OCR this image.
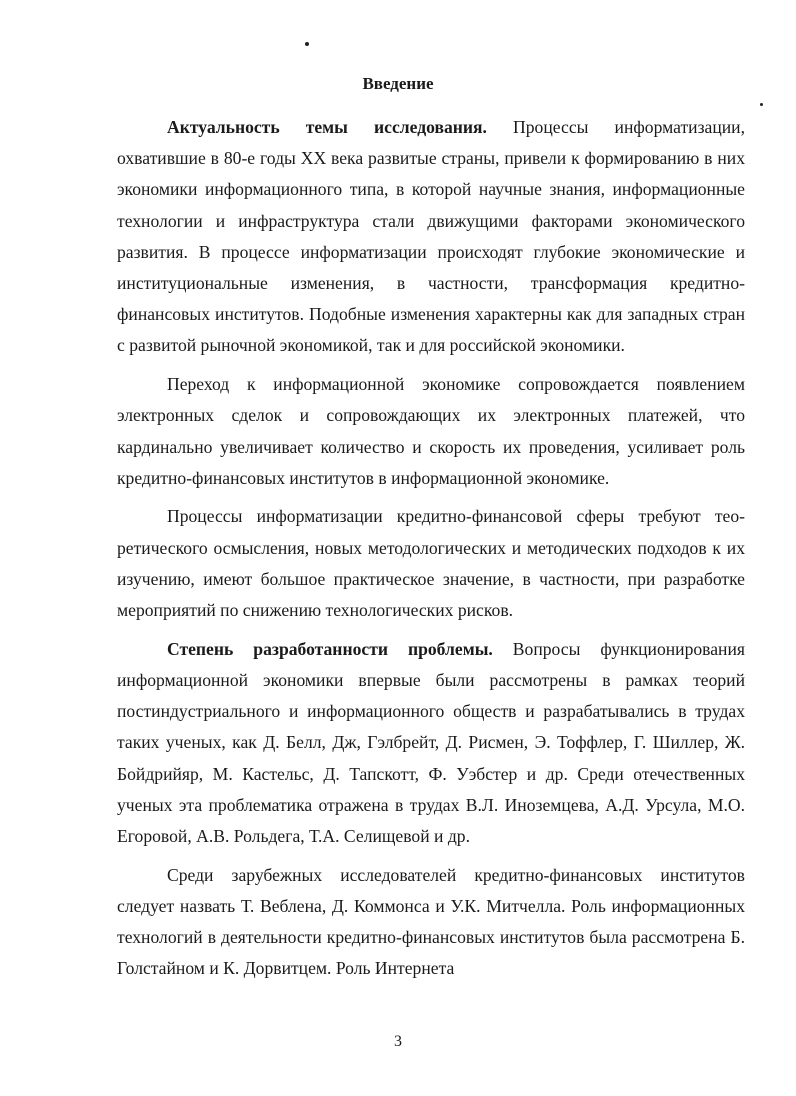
Введение

Актуальность темы исследования. Процессы информатизации, охватившие в 80-е годы XX века развитые страны, привели к формированию в них экономики информационного типа, в которой научные знания, информационные технологии и инфраструктура стали движущими факторами экономического развития. В процессе информатизации происходят глубокие экономические и институциональные изменения, в частности, трансформация кредитно-финансовых институтов. Подобные изменения характерны как для западных стран с развитой рыночной экономикой, так и для российской экономики.

Переход к информационной экономике сопровождается появлением электронных сделок и сопровождающих их электронных платежей, что кардинально увеличивает количество и скорость их проведения, усиливает роль кредитно-финансовых институтов в информационной экономике.

Процессы информатизации кредитно-финансовой сферы требуют теоретического осмысления, новых методологических и методических подходов к их изучению, имеют большое практическое значение, в частности, при разработке мероприятий по снижению технологических рисков.

Степень разработанности проблемы. Вопросы функционирования информационной экономики впервые были рассмотрены в рамках теорий постиндустриального и информационного обществ и разрабатывались в трудах таких ученых, как Д. Белл, Дж, Гэлбрейт, Д. Рисмен, Э. Тоффлер, Г. Шиллер, Ж. Бойдрийяр, М. Кастельс, Д. Тапскотт, Ф. Уэбстер и др. Среди отечественных ученых эта проблематика отражена в трудах В.Л. Иноземцева, А.Д. Урсула, М.О. Егоровой, А.В. Рольдега, Т.А. Селищевой и др.

Среди зарубежных исследователей кредитно-финансовых институтов следует назвать Т. Веблена, Д. Коммонса и У.К. Митчелла. Роль информационных технологий в деятельности кредитно-финансовых институтов была рассмотрена Б. Голстайном и К. Дорвитцем. Роль Интернета

3
